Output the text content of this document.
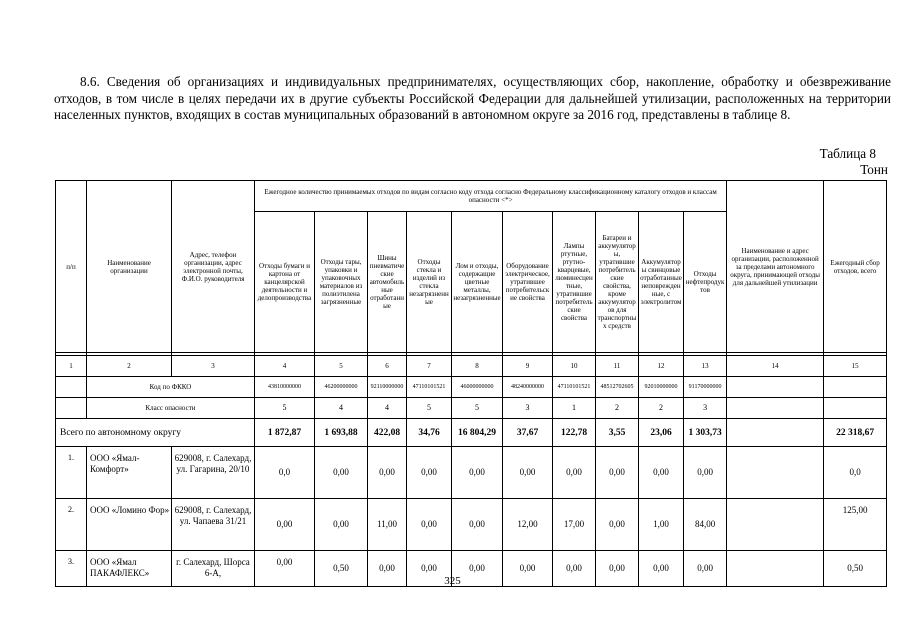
8.6. Сведения об организациях и индивидуальных предпринимателях, осуществляющих сбор, накопление, обработку и обезвреживание отходов, в том числе в целях передачи их в другие субъекты Российской Федерации для дальнейшей утилизации, расположенных на территории населенных пунктов, входящих в состав муниципальных образований в автономном округе за 2016 год, представлены в таблице 8.
Таблица 8
Тонн
п/п	Наименование организации	Адрес, телефон организации, адрес электронной почты, Ф.И.О. руководителя	Ежегодное количество принимаемых отходов по видам согласно коду отхода согласно Федеральному классификационному каталогу отходов и классам опасности <*>										Наименование и адрес организации, расположенной за пределами автономного округа, принимающей отходы для дальнейшей утилизации	Ежегодный сбор отходов, всего
			Отходы бумаги и картона от канцелярской деятельности и делопроизводства	Отходы тары, упаковки и упаковочных материалов из полиэтилена загрязненные	Шины пневматические автомобильные отработанные	Отходы стекла и изделий из стекла незагрязненные	Лом и отходы, содержащие цветные металлы, незагрязненные	Оборудование электрическое, утратившее потребительские свойства	Лампы ртутные, ртутно-кварцевые, люминесцентные, утратившие потребительские свойства	Батареи и аккумуляторы, утратившие потребительские свойства, кроме аккумуляторов для транспортных средств	Аккумуляторы свинцовые отработанные неповрежденные, с электролитом	Отходы нефтепродуктов		

1	2	3	4	5	6	7	8	9	10	11	12	13	14	15
	Код по ФККО		43810000000	46200000000	92110000000	47110101521	46000000000	48240000000	47110101521	48512702605	92010000000	91170000000		
	Класс опасности		5	4	4	5	5	3	1	2	2	3		
Всего по автономному округу			1 872,87	1 693,88	422,08	34,76	16 804,29	37,67	122,78	3,55	23,06	1 303,73		22 318,67
1.	ООО «Ямал-Комфорт»	629008, г. Салехард, ул. Гагарина, 20/10	0,0	0,00	0,00	0,00	0,00	0,00	0,00	0,00	0,00	0,00		0,0
2.	ООО «Ломино Фор»	629008, г. Салехард, ул. Чапаева 31/21	0,00	0,00	11,00	0,00	0,00	12,00	17,00	0,00	1,00	84,00		125,00
3.	ООО «Ямал ПАКАФЛЕКС»	г. Салехард, Шорса 6-А,	0,00	0,50	0,00	0,00	0,00	0,00	0,00	0,00	0,00	0,00		0,50
325
